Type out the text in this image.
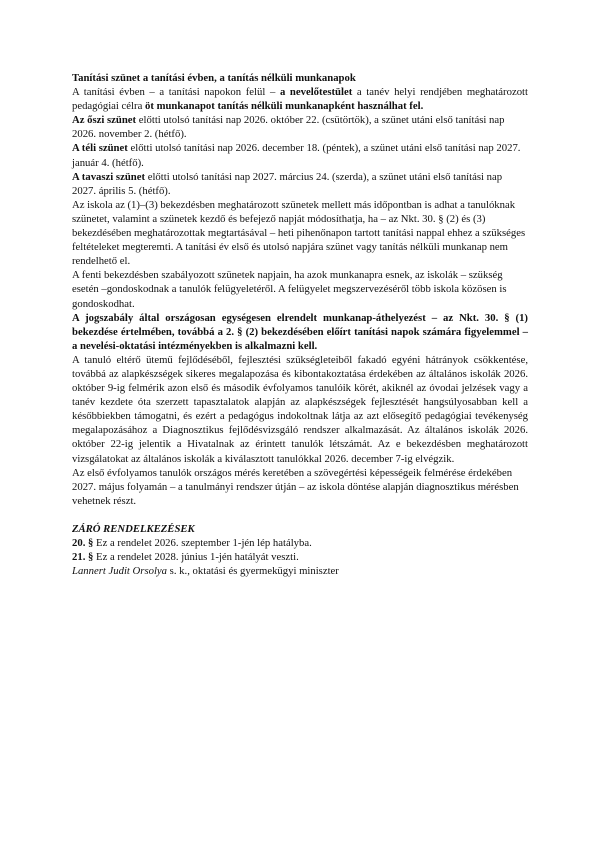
Tanítási szünet a tanítási évben, a tanítás nélküli munkanapok

A tanítási évben – a tanítási napokon felül – a nevelőtestület a tanév helyi rendjében meghatározott pedagógiai célra öt munkanapot tanítás nélküli munkanapként használhat fel.

Az őszi szünet előtti utolsó tanítási nap 2026. október 22. (csütörtök), a szünet utáni első tanítási nap 2026. november 2. (hétfő).

A téli szünet előtti utolsó tanítási nap 2026. december 18. (péntek), a szünet utáni első tanítási nap 2027. január 4. (hétfő).

A tavaszi szünet előtti utolsó tanítási nap 2027. március 24. (szerda), a szünet utáni első tanítási nap 2027. április 5. (hétfő).

Az iskola az (1)–(3) bekezdésben meghatározott szünetek mellett más időpontban is adhat a tanulóknak szünetet, valamint a szünetek kezdő és befejező napját módosíthatja, ha – az Nkt. 30. § (2) és (3) bekezdésében meghatározottak megtartásával – heti pihenőnapon tartott tanítási nappal ehhez a szükséges feltételeket megteremti. A tanítási év első és utolsó napjára szünet vagy tanítás nélküli munkanap nem rendelhető el.

A fenti bekezdésben szabályozott szünetek napjain, ha azok munkanapra esnek, az iskolák – szükség esetén –gondoskodnak a tanulók felügyeletéről. A felügyelet megszervezéséről több iskola közösen is gondoskodhat.

A jogszabály által országosan egységesen elrendelt munkanap-áthelyezést – az Nkt. 30. § (1) bekezdése értelmében, továbbá a 2. § (2) bekezdésében előírt tanítási napok számára figyelemmel – a nevelési-oktatási intézményekben is alkalmazni kell.

A tanuló eltérő ütemű fejlődéséből, fejlesztési szükségleteiből fakadó egyéni hátrányok csökkentése, továbbá az alapkészségek sikeres megalapozása és kibontakoztatása érdekében az általános iskolák 2026. október 9-ig felmérik azon első és második évfolyamos tanulóik körét, akiknél az óvodai jelzések vagy a tanév kezdete óta szerzett tapasztalatok alapján az alapkészségek fejlesztését hangsúlyosabban kell a későbbiekben támogatni, és ezért a pedagógus indokoltnak látja az azt elősegítő pedagógiai tevékenység megalapozásához a Diagnosztikus fejlődésvizsgáló rendszer alkalmazását. Az általános iskolák 2026. október 22-ig jelentik a Hivatalnak az érintett tanulók létszámát. Az e bekezdésben meghatározott vizsgálatokat az általános iskolák a kiválasztott tanulókkal 2026. december 7-ig elvégzik.

Az első évfolyamos tanulók országos mérés keretében a szövegértési képességeik felmérése érdekében 2027. május folyamán – a tanulmányi rendszer útján – az iskola döntése alapján diagnosztikus mérésben vehetnek részt.

ZÁRÓ RENDELKEZÉSEK

20. § Ez a rendelet 2026. szeptember 1-jén lép hatályba.

21. § Ez a rendelet 2028. június 1-jén hatályát veszti.

Lannert Judit Orsolya s. k., oktatási és gyermekügyi miniszter
